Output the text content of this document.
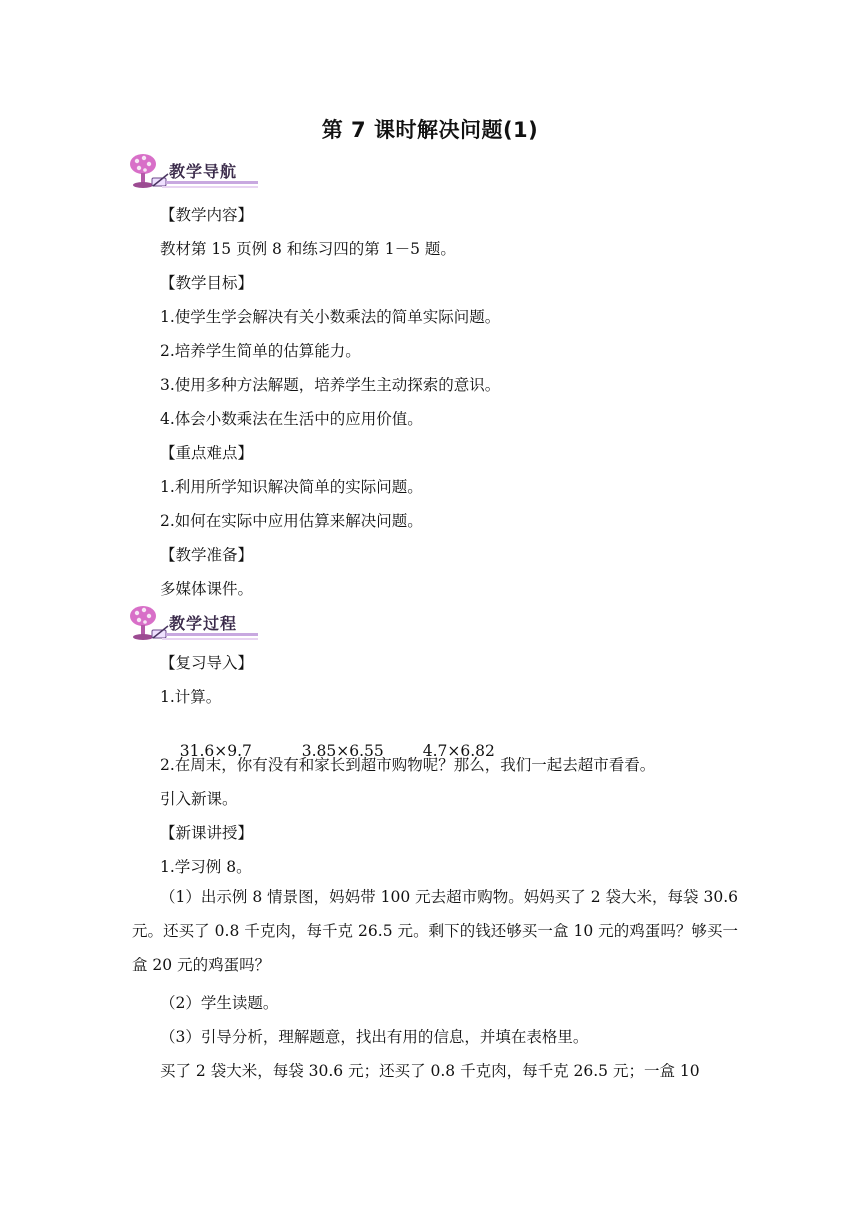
第 7 课时解决问题(1)
教学导航
【教学内容】
教材第 15 页例 8 和练习四的第 1－5 题。
【教学目标】
1.使学生学会解决有关小数乘法的简单实际问题。
2.培养学生简单的估算能力。
3.使用多种方法解题，培养学生主动探索的意识。
4.体会小数乘法在生活中的应用价值。
【重点难点】
1.利用所学知识解决简单的实际问题。
2.如何在实际中应用估算来解决问题。
【教学准备】
多媒体课件。
教学过程
【复习导入】
1.计算。

31.6×9.7	3.85×6.55	4.7×6.82

2.在周末，你有没有和家长到超市购物呢？那么，我们一起去超市看看。
引入新课。
【新课讲授】
1.学习例 8。
（1）出示例 8 情景图，妈妈带 100 元去超市购物。妈妈买了 2 袋大米，每袋 30.6 元。还买了 0.8 千克肉，每千克 26.5 元。剩下的钱还够买一盒 10 元的鸡蛋吗？够买一盒 20 元的鸡蛋吗？
（2）学生读题。
（3）引导分析，理解题意，找出有用的信息，并填在表格里。
买了 2 袋大米，每袋 30.6 元；还买了 0.8 千克肉，每千克 26.5 元；一盒 10
